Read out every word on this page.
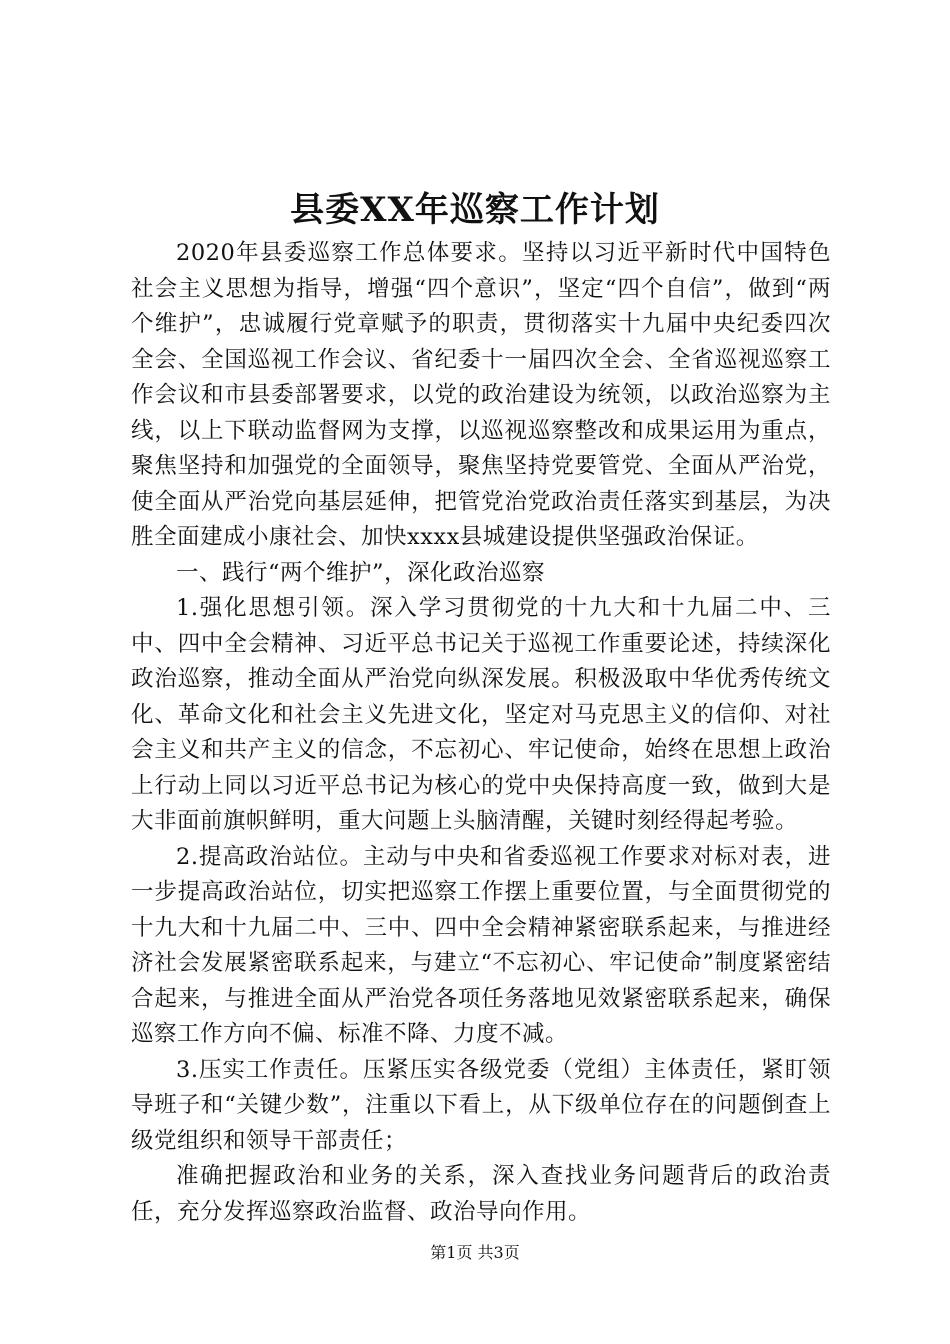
县委XX年巡察工作计划

2020年县委巡察工作总体要求。坚持以习近平新时代中国特色社会主义思想为指导，增强“四个意识”，坚定“四个自信”，做到“两个维护”，忠诚履行党章赋予的职责，贯彻落实十九届中央纪委四次全会、全国巡视工作会议、省纪委十一届四次全会、全省巡视巡察工作会议和市县委部署要求，以党的政治建设为统领，以政治巡察为主线，以上下联动监督网为支撑，以巡视巡察整改和成果运用为重点，聚焦坚持和加强党的全面领导，聚焦坚持党要管党、全面从严治党，使全面从严治党向基层延伸，把管党治党政治责任落实到基层，为决胜全面建成小康社会、加快xxxx县城建设提供坚强政治保证。

一、践行“两个维护”，深化政治巡察

1.强化思想引领。深入学习贯彻党的十九大和十九届二中、三中、四中全会精神、习近平总书记关于巡视工作重要论述，持续深化政治巡察，推动全面从严治党向纵深发展。积极汲取中华优秀传统文化、革命文化和社会主义先进文化，坚定对马克思主义的信仰、对社会主义和共产主义的信念，不忘初心、牢记使命，始终在思想上政治上行动上同以习近平总书记为核心的党中央保持高度一致，做到大是大非面前旗帜鲜明，重大问题上头脑清醒，关键时刻经得起考验。

2.提高政治站位。主动与中央和省委巡视工作要求对标对表，进一步提高政治站位，切实把巡察工作摆上重要位置，与全面贯彻党的十九大和十九届二中、三中、四中全会精神紧密联系起来，与推进经济社会发展紧密联系起来，与建立“不忘初心、牢记使命”制度紧密结合起来，与推进全面从严治党各项任务落地见效紧密联系起来，确保巡察工作方向不偏、标准不降、力度不减。

3.压实工作责任。压紧压实各级党委（党组）主体责任，紧盯领导班子和“关键少数”，注重以下看上，从下级单位存在的问题倒查上级党组织和领导干部责任；

准确把握政治和业务的关系，深入查找业务问题背后的政治责任，充分发挥巡察政治监督、政治导向作用。

第1页 共3页
